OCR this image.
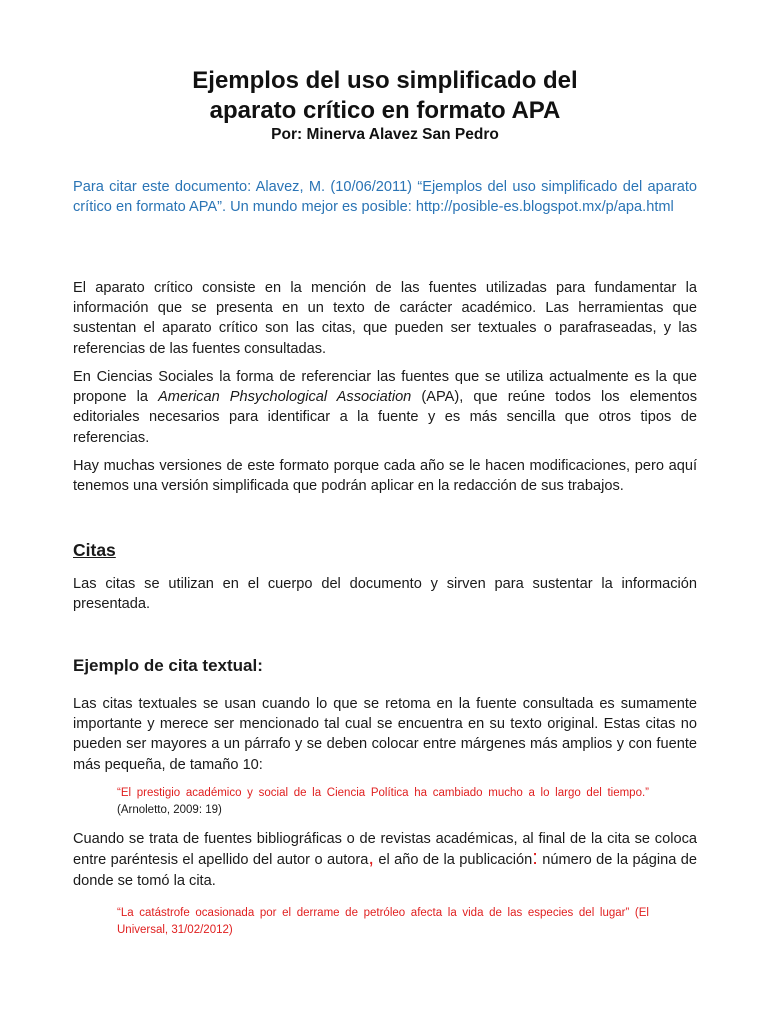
Ejemplos del uso simplificado del
aparato crítico en formato APA
Por: Minerva Alavez San Pedro

Para citar este documento: Alavez, M. (10/06/2011) “Ejemplos del uso simplificado del aparato crítico en formato APA”. Un mundo mejor es posible: http://posible-es.blogspot.mx/p/apa.html

El aparato crítico consiste en la mención de las fuentes utilizadas para fundamentar la información que se presenta en un texto de carácter académico. Las herramientas que sustentan el aparato crítico son las citas, que pueden ser textuales o parafraseadas, y las referencias de las fuentes consultadas.

En Ciencias Sociales la forma de referenciar las fuentes que se utiliza actualmente es la que propone la American Phsychological Association (APA), que reúne todos los elementos editoriales necesarios para identificar a la fuente y es más sencilla que otros tipos de referencias.

Hay muchas versiones de este formato porque cada año se le hacen modificaciones, pero aquí tenemos una versión simplificada que podrán aplicar en la redacción de sus trabajos.

Citas

Las citas se utilizan en el cuerpo del documento y sirven para sustentar la información presentada.

Ejemplo de cita textual:

Las citas textuales se usan cuando lo que se retoma en la fuente consultada es sumamente importante y merece ser mencionado tal cual se encuentra en su texto original. Estas citas no pueden ser mayores a un párrafo y se deben colocar entre márgenes más amplios y con fuente más pequeña, de tamaño 10:

“El prestigio académico y social de la Ciencia Política ha cambiado mucho a lo largo del tiempo.” (Arnoletto, 2009: 19)

Cuando se trata de fuentes bibliográficas o de revistas académicas, al final de la cita se coloca entre paréntesis el apellido del autor o autora, el año de la publicación: número de la página de donde se tomó la cita.

“La catástrofe ocasionada por el derrame de petróleo afecta la vida de las especies del lugar” (El Universal, 31/02/2012)
